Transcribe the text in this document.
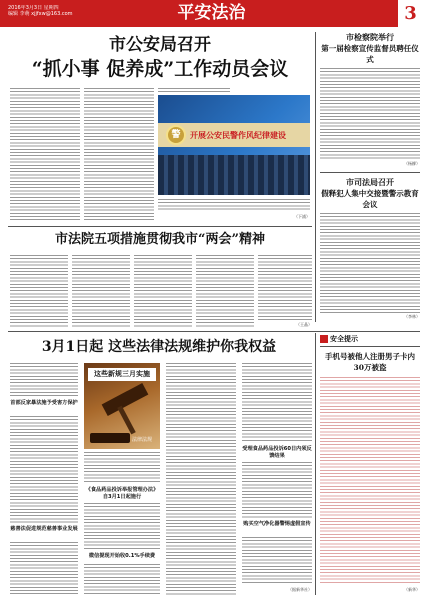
2016年3月3日 星期四
编辑 李萌 xjjfxw@163.com	平安法治	3
市公安局召开
“抓小事 促养成”工作动员会议
警	开展公安民警作风纪律建设
（下浦）
市检察院举行
第一届检察宣传监督员聘任仪式
（杨柳）
市司法局召开
假释犯人集中交接暨警示教育会议
（李林）
市法院五项措施贯彻我市“两会”精神
（王晶）
3月1日起 这些法律法规维护你我权益
首部反家暴法施予受害方保护
慈善法促进规范慈善事业发展
这些新规三月实施
法律法规
《食品药品投诉举报管理办法》自3月1日起施行
微信提现开始收0.1%手续费
受理食品药品投诉60日内须反馈结果
购买空气净化器警惕虚假宣传
（据新华社）
安全提示
手机号被他人注册男子卡内30万被盗
（新华）
